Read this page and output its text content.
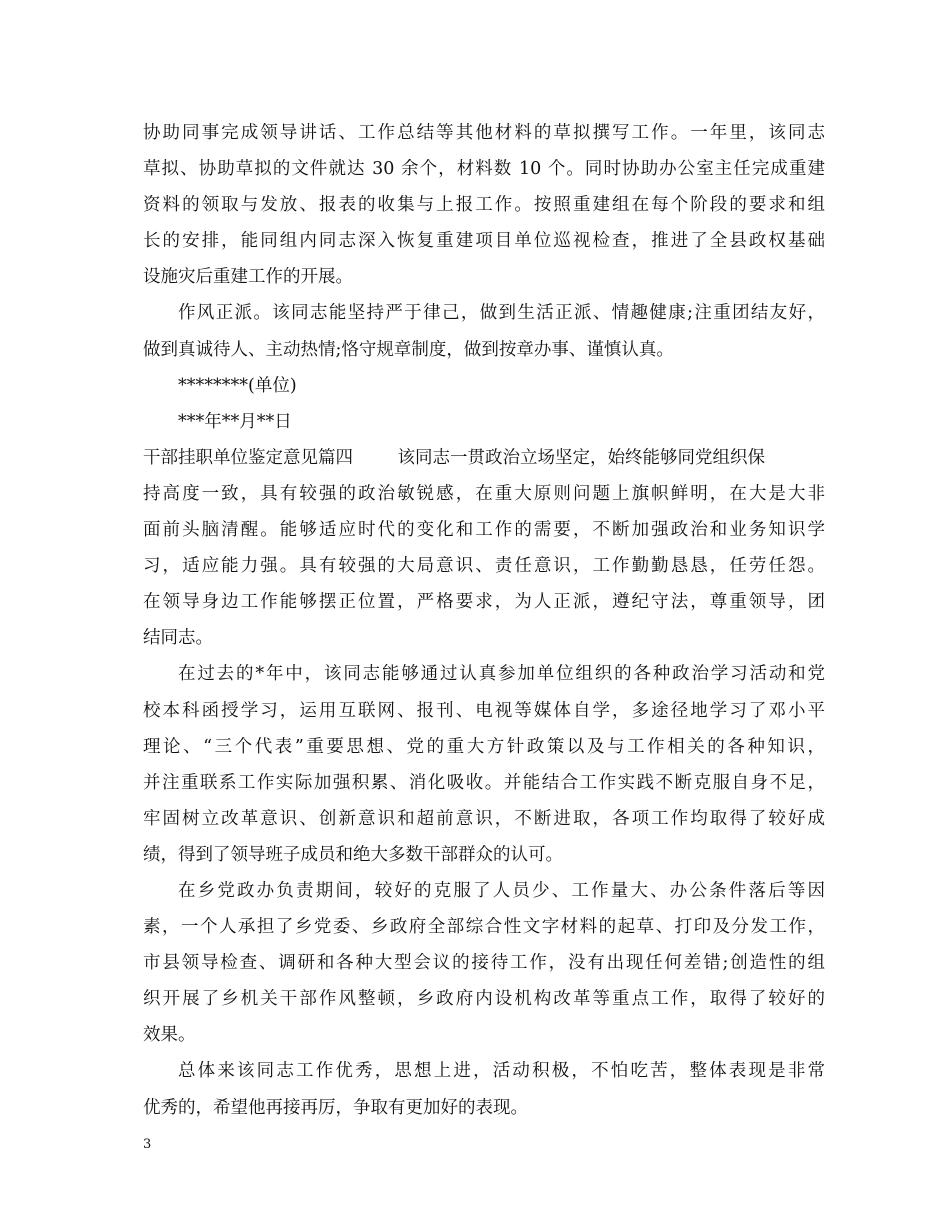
协助同事完成领导讲话、工作总结等其他材料的草拟撰写工作。一年里，该同志
草拟、协助草拟的文件就达 30 余个，材料数 10 个。同时协助办公室主任完成重建
资料的领取与发放、报表的收集与上报工作。按照重建组在每个阶段的要求和组
长的安排，能同组内同志深入恢复重建项目单位巡视检查，推进了全县政权基础
设施灾后重建工作的开展。
作风正派。该同志能坚持严于律己，做到生活正派、情趣健康;注重团结友好，
做到真诚待人、主动热情;恪守规章制度，做到按章办事、谨慎认真。
********(单位)
***年**月**日
干部挂职单位鉴定意见篇四        该同志一贯政治立场坚定，始终能够同党组织保
持高度一致，具有较强的政治敏锐感，在重大原则问题上旗帜鲜明，在大是大非
面前头脑清醒。能够适应时代的变化和工作的需要，不断加强政治和业务知识学
习，适应能力强。具有较强的大局意识、责任意识，工作勤勤恳恳，任劳任怨。
在领导身边工作能够摆正位置，严格要求，为人正派，遵纪守法，尊重领导，团
结同志。
在过去的*年中，该同志能够通过认真参加单位组织的各种政治学习活动和党
校本科函授学习，运用互联网、报刊、电视等媒体自学，多途径地学习了邓小平
理论、“三个代表”重要思想、党的重大方针政策以及与工作相关的各种知识，
并注重联系工作实际加强积累、消化吸收。并能结合工作实践不断克服自身不足，
牢固树立改革意识、创新意识和超前意识，不断进取，各项工作均取得了较好成
绩，得到了领导班子成员和绝大多数干部群众的认可。
在乡党政办负责期间，较好的克服了人员少、工作量大、办公条件落后等因
素，一个人承担了乡党委、乡政府全部综合性文字材料的起草、打印及分发工作，
市县领导检查、调研和各种大型会议的接待工作，没有出现任何差错;创造性的组
织开展了乡机关干部作风整顿，乡政府内设机构改革等重点工作，取得了较好的
效果。
总体来该同志工作优秀，思想上进，活动积极，不怕吃苦，整体表现是非常
优秀的，希望他再接再厉，争取有更加好的表现。
3
